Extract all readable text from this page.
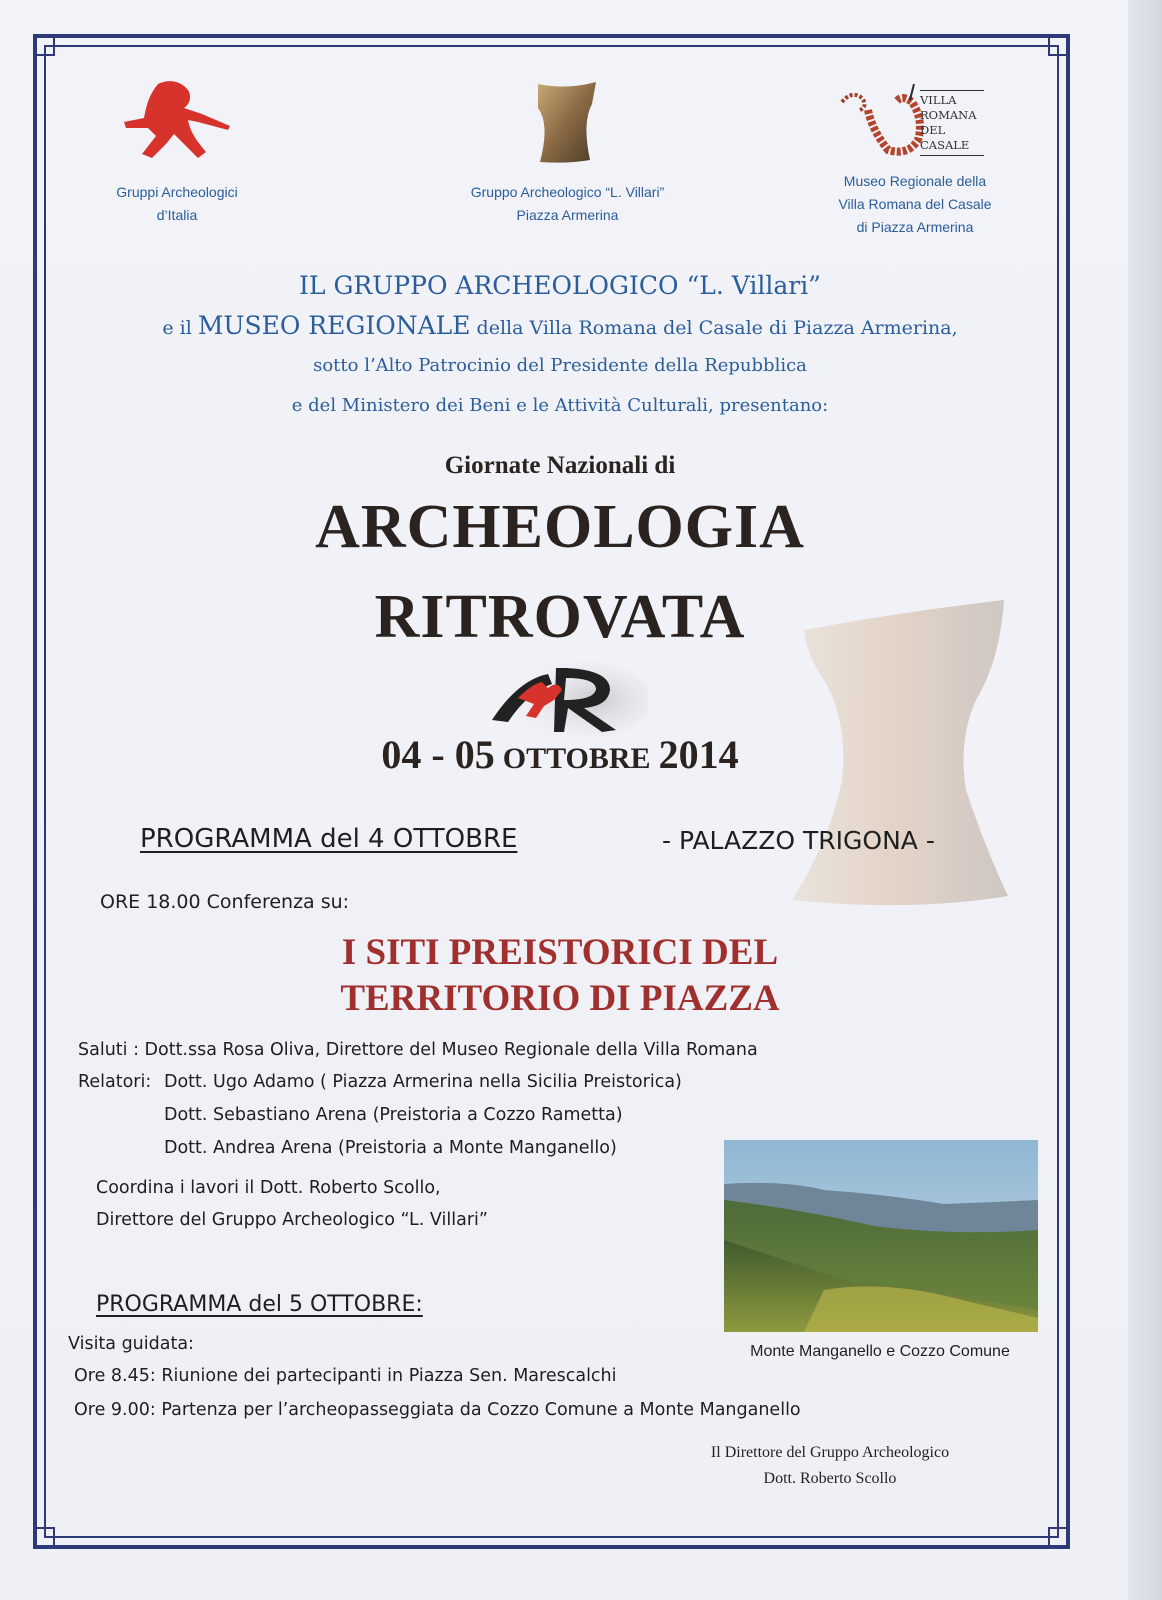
Gruppi Archeologici
d’Italia
Gruppo Archeologico “L. Villari”
Piazza Armerina
VILLA
ROMANA
DEL
CASALE
Museo Regionale della
Villa Romana del Casale
di Piazza Armerina
IL GRUPPO ARCHEOLOGICO “L. Villari”
e il MUSEO REGIONALE della Villa Romana del Casale di Piazza Armerina,
sotto l’Alto Patrocinio del Presidente della Repubblica
e del Ministero dei Beni e le Attività Culturali, presentano:
Giornate Nazionali di
ARCHEOLOGIA
RITROVATA
04 - 05 OTTOBRE 2014
PROGRAMMA del 4 OTTOBRE	- PALAZZO TRIGONA -
ORE 18.00 Conferenza su:
I SITI PREISTORICI DEL
TERRITORIO DI PIAZZA
Saluti : Dott.ssa Rosa Oliva, Direttore del Museo Regionale della Villa Romana
Relatori: Dott. Ugo Adamo ( Piazza Armerina nella Sicilia Preistorica)
Dott. Sebastiano Arena (Preistoria a Cozzo Rametta)
Dott. Andrea Arena (Preistoria a Monte Manganello)
Coordina i lavori il Dott. Roberto Scollo,
Direttore del Gruppo Archeologico “L. Villari”
Monte Manganello e Cozzo Comune
PROGRAMMA del 5 OTTOBRE:
Visita guidata:
Ore 8.45: Riunione dei partecipanti in Piazza Sen. Marescalchi
Ore 9.00: Partenza per l’archeopasseggiata da Cozzo Comune a Monte Manganello
Il Direttore del Gruppo Archeologico
Dott. Roberto Scollo
